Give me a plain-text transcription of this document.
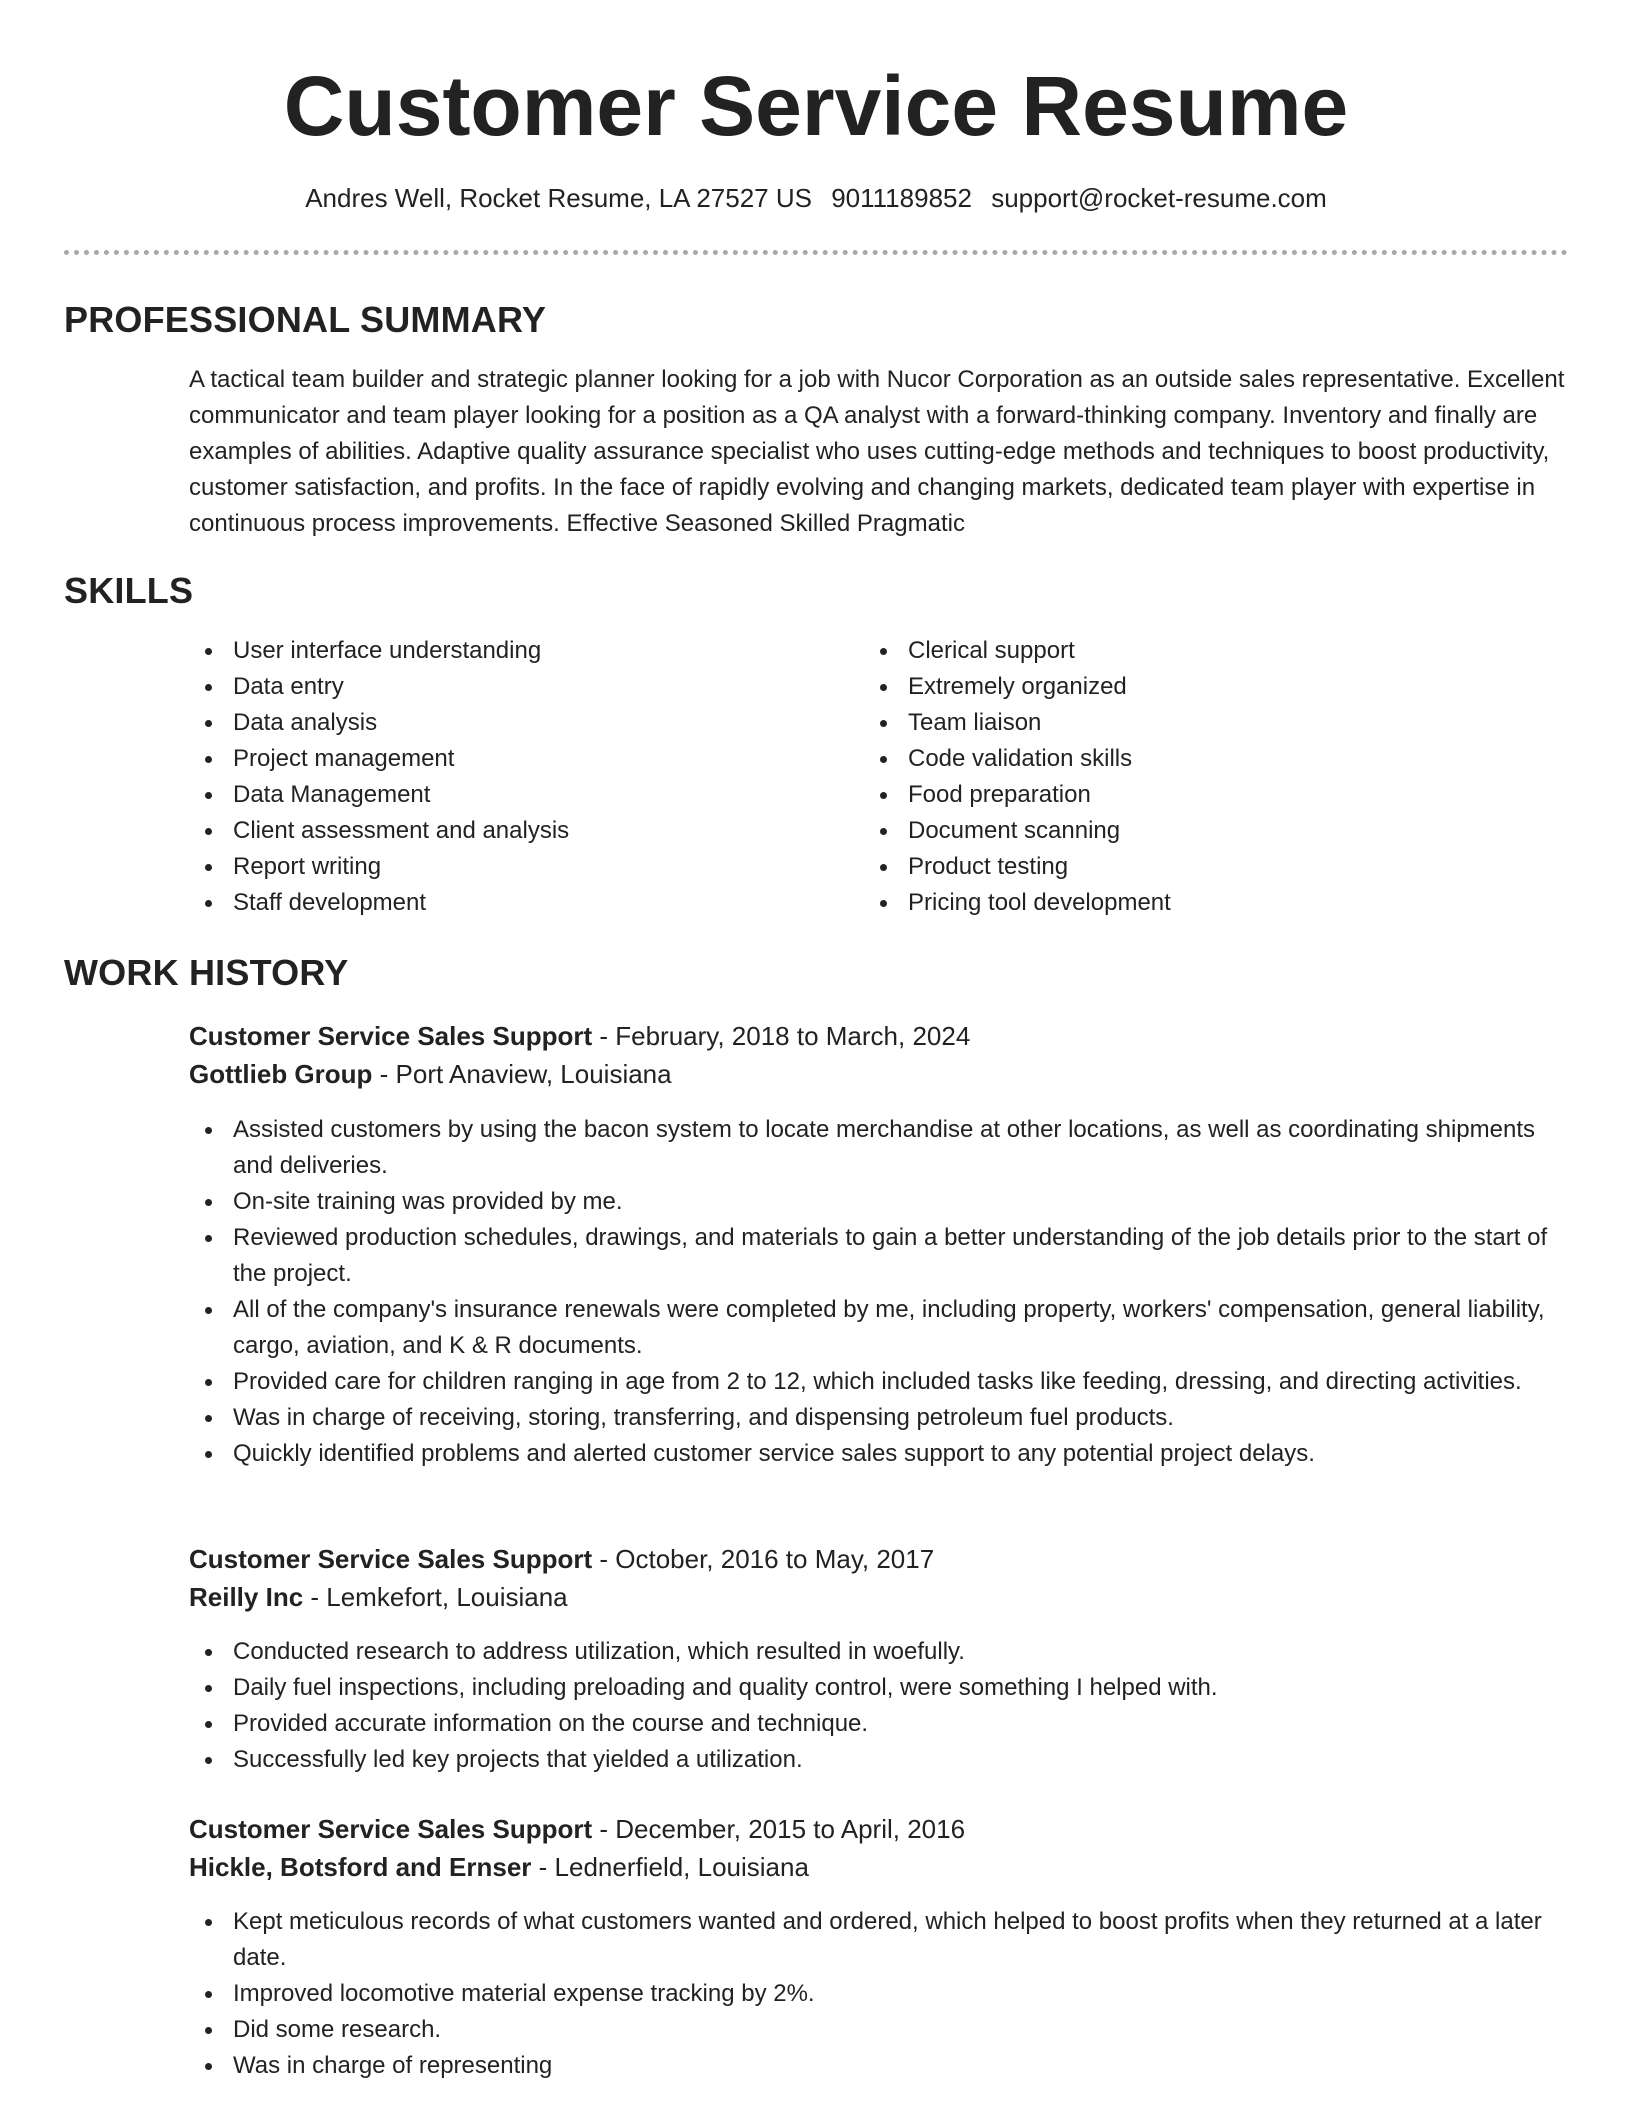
Customer Service Resume
Andres Well, Rocket Resume, LA 27527 US 9011189852 support@rocket-resume.com
PROFESSIONAL SUMMARY

A tactical team builder and strategic planner looking for a job with Nucor Corporation as an outside sales representative. Excellent communicator and team player looking for a position as a QA analyst with a forward-thinking company. Inventory and finally are examples of abilities. Adaptive quality assurance specialist who uses cutting-edge methods and techniques to boost productivity, customer satisfaction, and profits. In the face of rapidly evolving and changing markets, dedicated team player with expertise in continuous process improvements. Effective Seasoned Skilled Pragmatic

SKILLS
User interface understanding
Data entry
Data analysis
Project management
Data Management
Client assessment and analysis
Report writing
Staff development
Clerical support
Extremely organized
Team liaison
Code validation skills
Food preparation
Document scanning
Product testing
Pricing tool development
WORK HISTORY
Customer Service Sales Support - February, 2018 to March, 2024
Gottlieb Group - Port Anaview, Louisiana
Assisted customers by using the bacon system to locate merchandise at other locations, as well as coordinating shipments and deliveries.
On-site training was provided by me.
Reviewed production schedules, drawings, and materials to gain a better understanding of the job details prior to the start of the project.
All of the company's insurance renewals were completed by me, including property, workers' compensation, general liability, cargo, aviation, and K & R documents.
Provided care for children ranging in age from 2 to 12, which included tasks like feeding, dressing, and directing activities.
Was in charge of receiving, storing, transferring, and dispensing petroleum fuel products.
Quickly identified problems and alerted customer service sales support to any potential project delays.
Customer Service Sales Support - October, 2016 to May, 2017
Reilly Inc - Lemkefort, Louisiana
Conducted research to address utilization, which resulted in woefully.
Daily fuel inspections, including preloading and quality control, were something I helped with.
Provided accurate information on the course and technique.
Successfully led key projects that yielded a utilization.
Customer Service Sales Support - December, 2015 to April, 2016
Hickle, Botsford and Ernser - Lednerfield, Louisiana
Kept meticulous records of what customers wanted and ordered, which helped to boost profits when they returned at a later date.
Improved locomotive material expense tracking by 2%.
Did some research.
Was in charge of representing
